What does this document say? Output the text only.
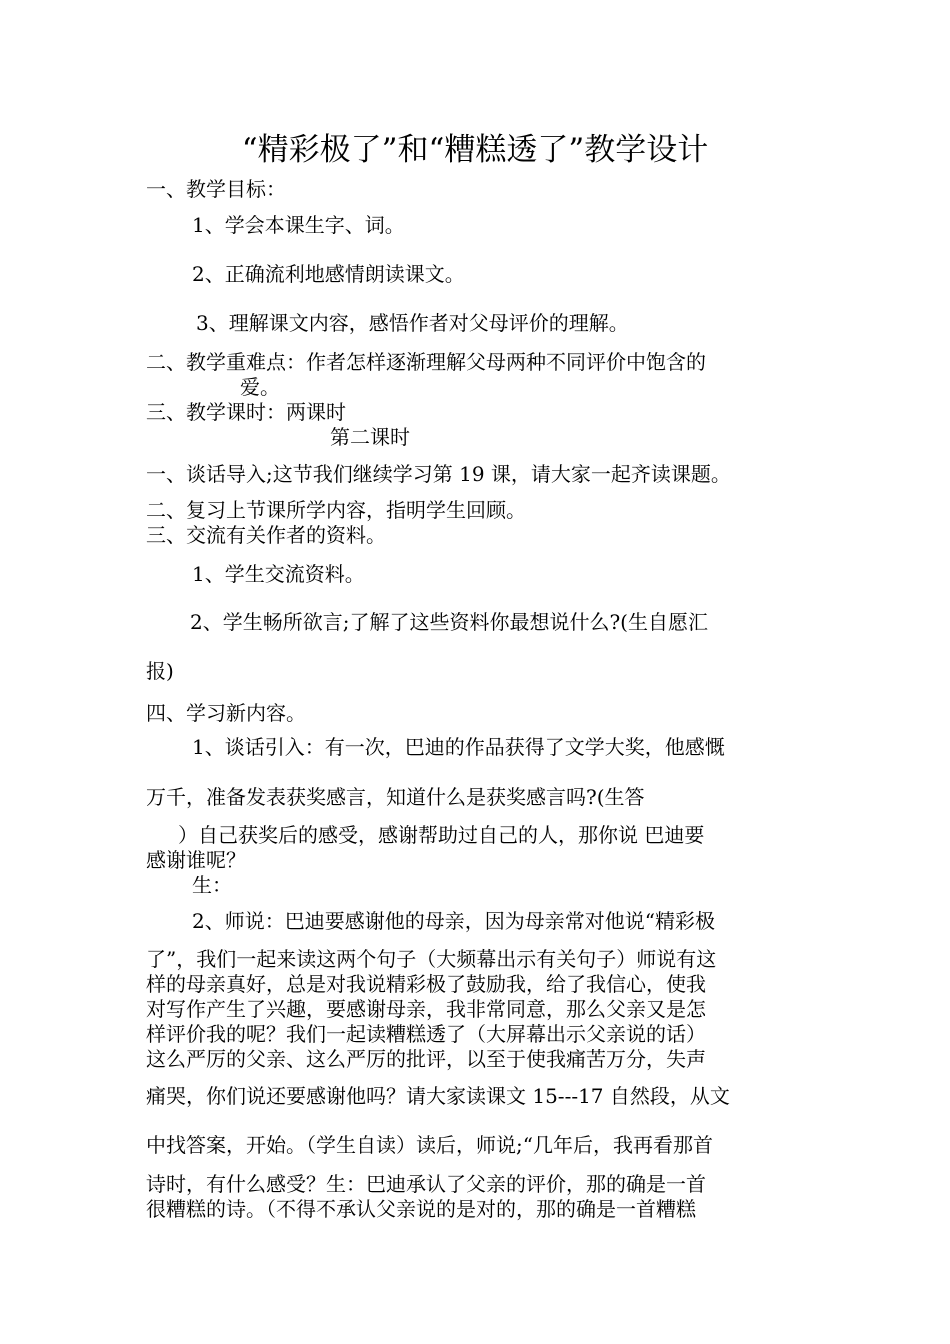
“精彩极了”和“糟糕透了”教学设计
一、教学目标：
1、学会本课生字、词。
2、正确流利地感情朗读课文。
3、理解课文内容，感悟作者对父母评价的理解。
二、教学重难点：作者怎样逐渐理解父母两种不同评价中饱含的
爱。
三、教学课时：两课时
第二课时
一、谈话导入;这节我们继续学习第 19 课，请大家一起齐读课题。
二、复习上节课所学内容，指明学生回顾。
三、交流有关作者的资料。
1、学生交流资料。
2、学生畅所欲言;了解了这些资料你最想说什么?(生自愿汇
报)
四、学习新内容。
1、谈话引入：有一次，巴迪的作品获得了文学大奖，他感慨
万千，准备发表获奖感言，知道什么是获奖感言吗?(生答
）自己获奖后的感受，感谢帮助过自己的人，那你说 巴迪要
感谢谁呢？
生：
2、师说：巴迪要感谢他的母亲，因为母亲常对他说“精彩极
了”，我们一起来读这两个句子（大频幕出示有关句子）师说有这
样的母亲真好，总是对我说精彩极了鼓励我，给了我信心，使我
对写作产生了兴趣，要感谢母亲，我非常同意，那么父亲又是怎
样评价我的呢？我们一起读糟糕透了（大屏幕出示父亲说的话）
这么严厉的父亲、这么严厉的批评，以至于使我痛苦万分，失声
痛哭，你们说还要感谢他吗？请大家读课文 15---17 自然段，从文
中找答案，开始。（学生自读）读后，师说;“几年后，我再看那首
诗时，有什么感受？生：巴迪承认了父亲的评价，那的确是一首
很糟糕的诗。（不得不承认父亲说的是对的，那的确是一首糟糕
